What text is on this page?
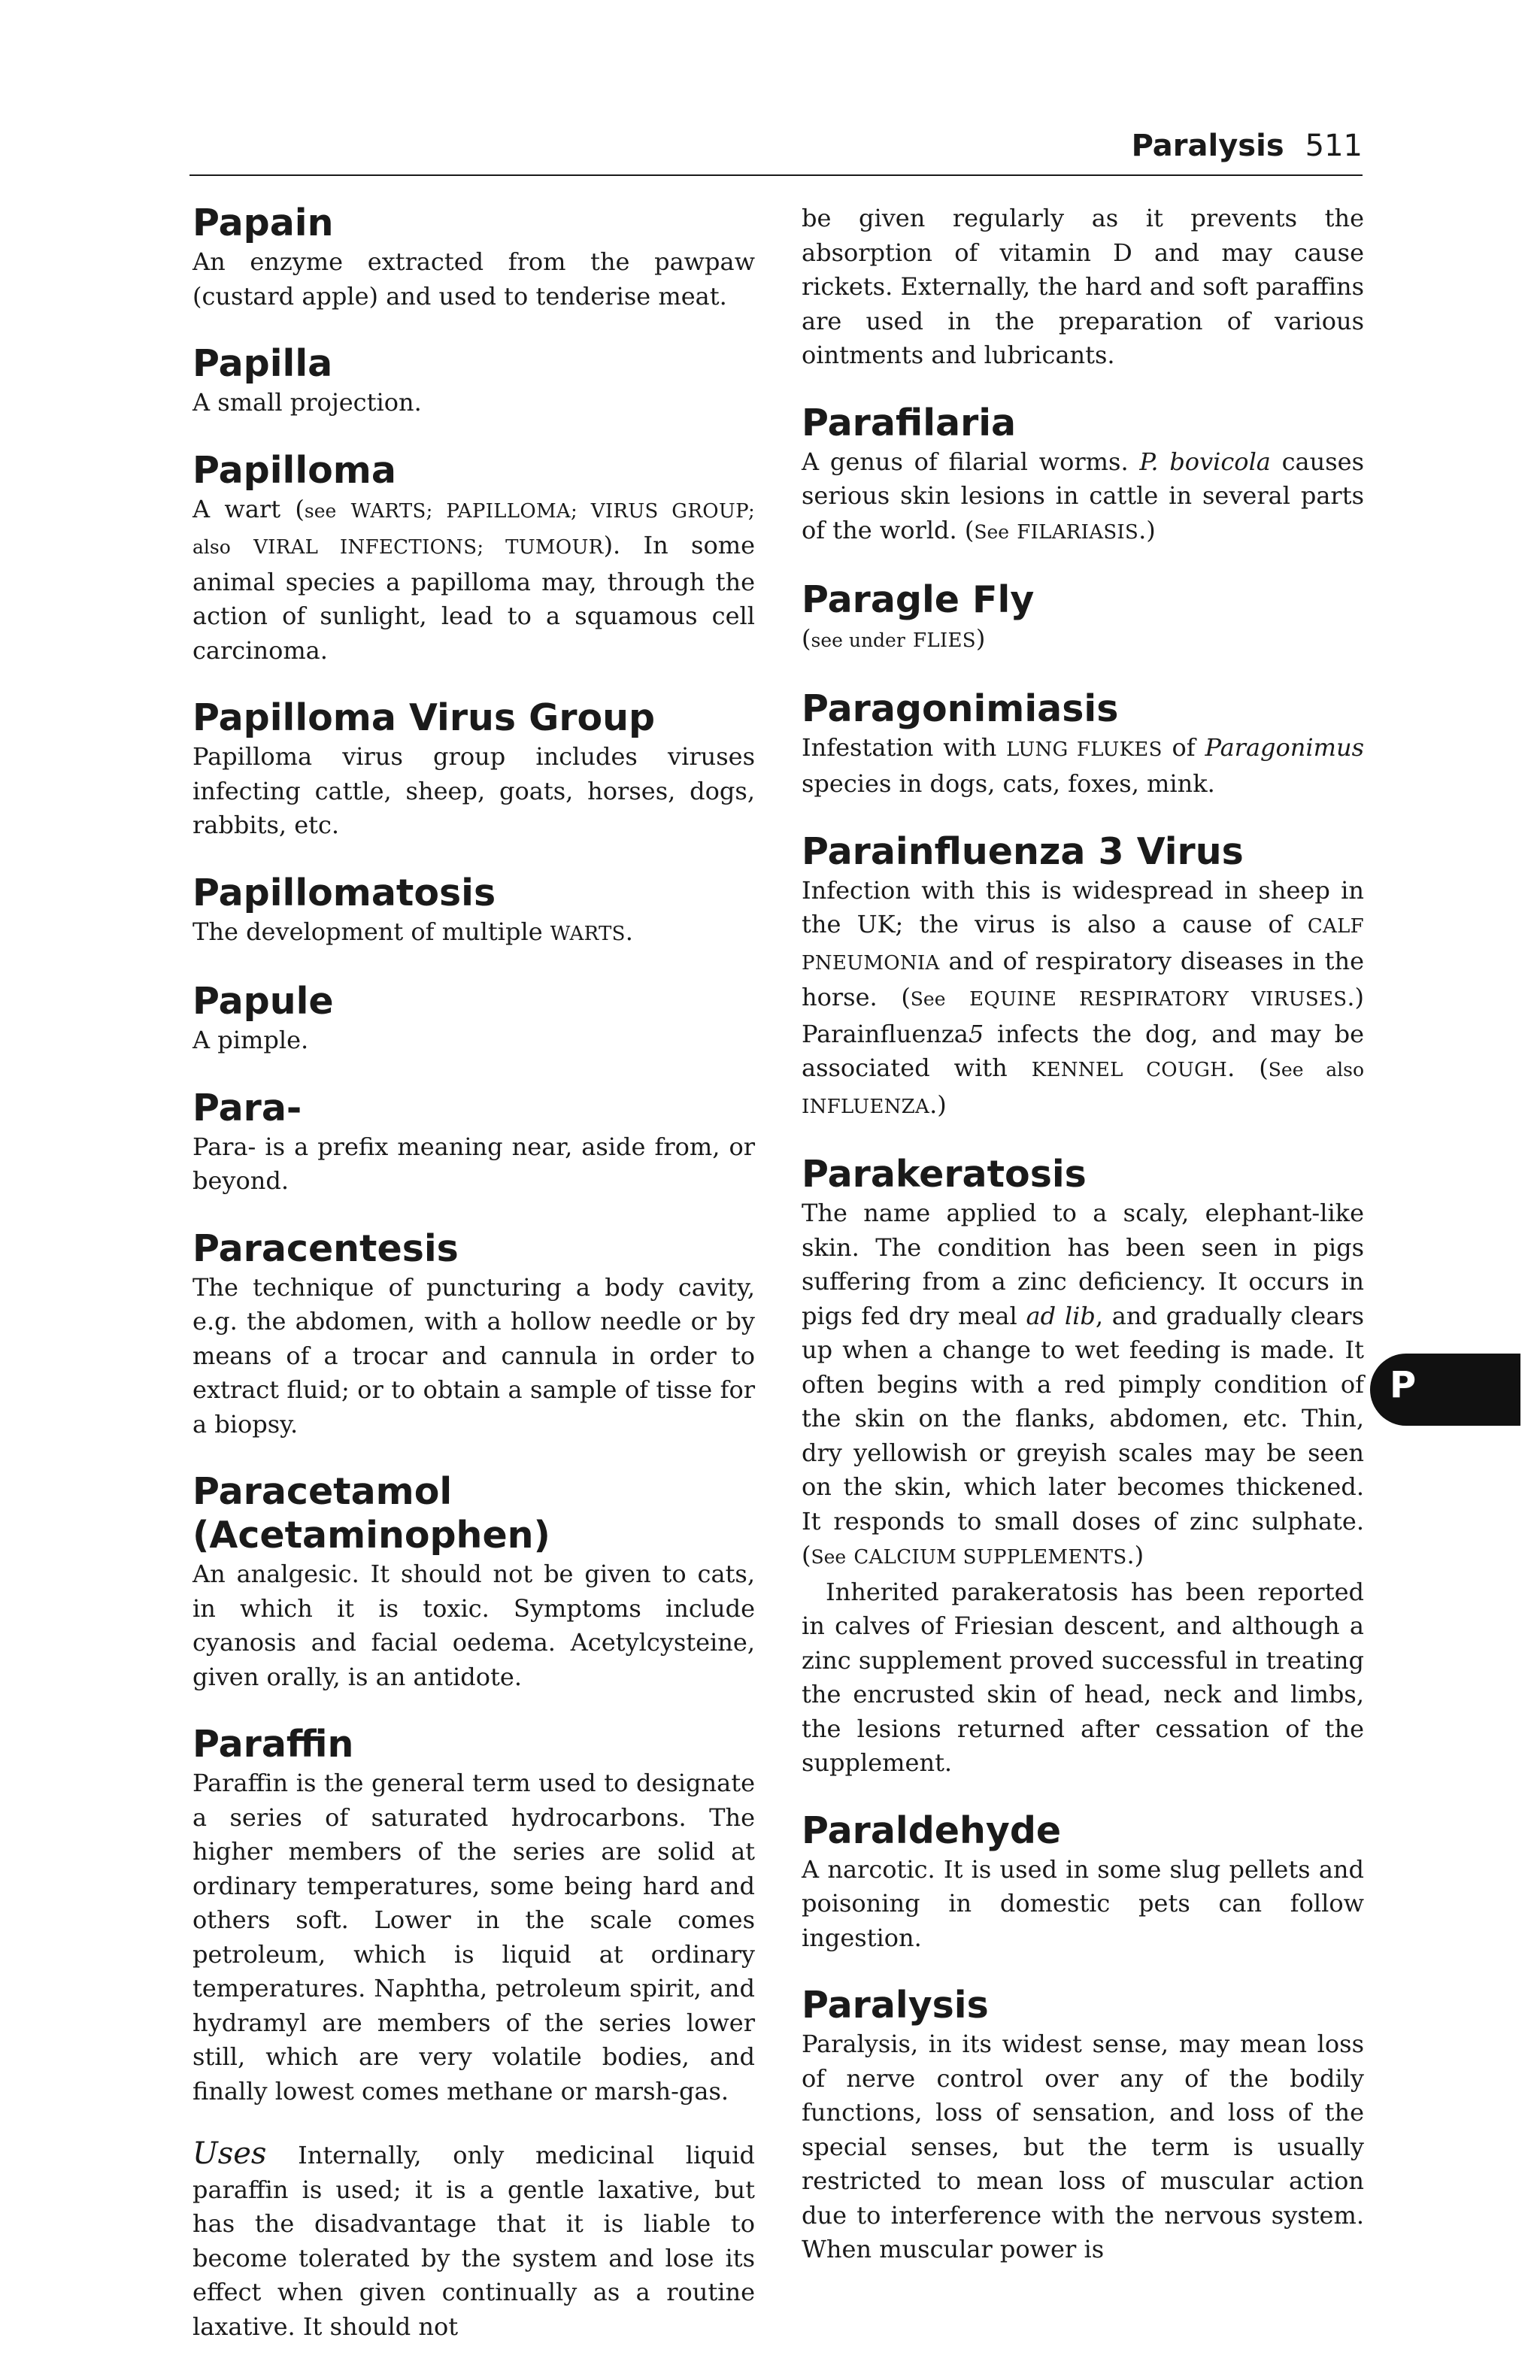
Paralysis 511
Papain

An enzyme extracted from the pawpaw (custard apple) and used to tenderise meat.

Papilla

A small projection.

Papilloma

A wart (see WARTS; PAPILLOMA; VIRUS GROUP; also VIRAL INFECTIONS; TUMOUR). In some animal species a papilloma may, through the action of sunlight, lead to a squamous cell carcinoma.

Papilloma Virus Group

Papilloma virus group includes viruses infecting cattle, sheep, goats, horses, dogs, rabbits, etc.

Papillomatosis

The development of multiple WARTS.

Papule

A pimple.

Para-

Para- is a prefix meaning near, aside from, or beyond.

Paracentesis

The technique of puncturing a body cavity, e.g. the abdomen, with a hollow needle or by means of a trocar and cannula in order to extract fluid; or to obtain a sample of tisse for a biopsy.

Paracetamol (Acetaminophen)

An analgesic. It should not be given to cats, in which it is toxic. Symptoms include cyanosis and facial oedema. Acetylcysteine, given orally, is an antidote.

Paraffin

Paraffin is the general term used to designate a series of saturated hydrocarbons. The higher members of the series are solid at ordinary temperatures, some being hard and others soft. Lower in the scale comes petroleum, which is liquid at ordinary temperatures. Naphtha, petroleum spirit, and hydramyl are members of the series lower still, which are very volatile bodies, and finally lowest comes methane or marsh-gas.

Uses Internally, only medicinal liquid paraffin is used; it is a gentle laxative, but has the disadvantage that it is liable to become tolerated by the system and lose its effect when given continually as a routine laxative. It should not

be given regularly as it prevents the absorption of vitamin D and may cause rickets. Externally, the hard and soft paraffins are used in the preparation of various ointments and lubricants.

Parafilaria

A genus of filarial worms. P. bovicola causes serious skin lesions in cattle in several parts of the world. (See FILARIASIS.)

Paragle Fly

(see under FLIES)

Paragonimiasis

Infestation with LUNG FLUKES of Paragonimus species in dogs, cats, foxes, mink.

Parainfluenza 3 Virus

Infection with this is widespread in sheep in the UK; the virus is also a cause of CALF PNEUMONIA and of respiratory diseases in the horse. (See EQUINE RESPIRATORY VIRUSES.) Parainfluenza5 infects the dog, and may be associated with KENNEL COUGH. (See also INFLUENZA.)

Parakeratosis

The name applied to a scaly, elephant-like skin. The condition has been seen in pigs suffering from a zinc deficiency. It occurs in pigs fed dry meal ad lib, and gradually clears up when a change to wet feeding is made. It often begins with a red pimply condition of the skin on the flanks, abdomen, etc. Thin, dry yellowish or greyish scales may be seen on the skin, which later becomes thickened. It responds to small doses of zinc sulphate. (See CALCIUM SUPPLEMENTS.)

Inherited parakeratosis has been reported in calves of Friesian descent, and although a zinc supplement proved successful in treating the encrusted skin of head, neck and limbs, the lesions returned after cessation of the supplement.

Paraldehyde

A narcotic. It is used in some slug pellets and poisoning in domestic pets can follow ingestion.

Paralysis

Paralysis, in its widest sense, may mean loss of nerve control over any of the bodily functions, loss of sensation, and loss of the special senses, but the term is usually restricted to mean loss of muscular action due to interference with the nervous system. When muscular power is

P
